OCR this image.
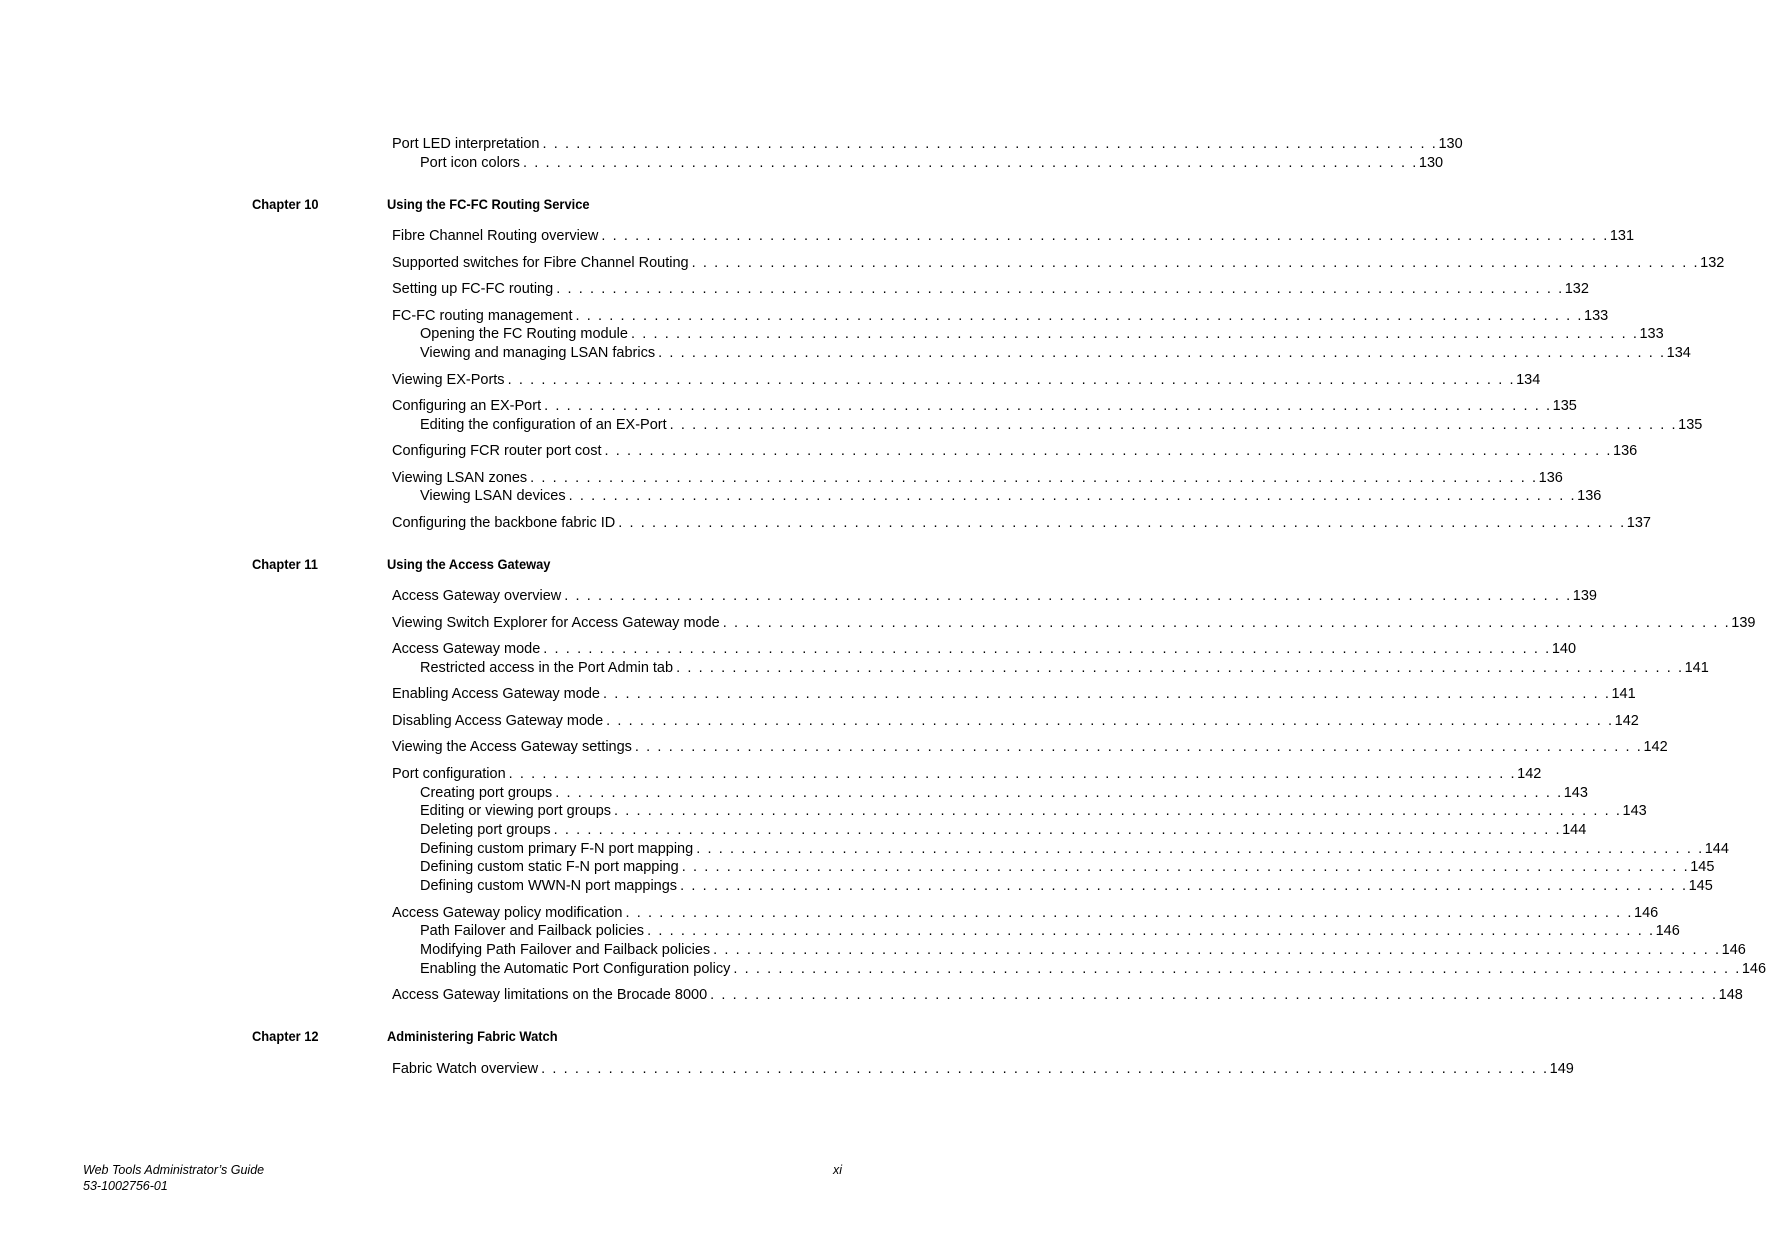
Port LED interpretation . . . . . . . . . . . . . . . . . . . . . . . . . . . . . . . . . . . . . . . . . . . . . . . . . . . . . . . . . . . . . . . . . . . . . . . . . . . . . . . . 130
Port icon colors . . . . . . . . . . . . . . . . . . . . . . . . . . . . . . . . . . . . . . . . . . . . . . . . . . . . . . . . . . . . . . . . . . . . . . . . . . . . . . . . 130
Chapter 10	Using the FC-FC Routing Service
Fibre Channel Routing overview . . . . . . . . . . . . . . . . . . . . . . . . . . . . . . . . . . . . . . . . . . . . . . . . . . . . . . . . . . . . . . . . . . . . . . . . . . . . . . . . . . . . . . . . . . 131
Supported switches for Fibre Channel Routing . . . . . . . . . . . . . . . . . . . . . . . . . . . . . . . . . . . . . . . . . . . . . . . . . . . . . . . . . . . . . . . . . . . . . . . . . . . . . . . . . . . . . . . . . . 132
Setting up FC-FC routing . . . . . . . . . . . . . . . . . . . . . . . . . . . . . . . . . . . . . . . . . . . . . . . . . . . . . . . . . . . . . . . . . . . . . . . . . . . . . . . . . . . . . . . . . . 132
FC-FC routing management . . . . . . . . . . . . . . . . . . . . . . . . . . . . . . . . . . . . . . . . . . . . . . . . . . . . . . . . . . . . . . . . . . . . . . . . . . . . . . . . . . . . . . . . . . 133
Opening the FC Routing module . . . . . . . . . . . . . . . . . . . . . . . . . . . . . . . . . . . . . . . . . . . . . . . . . . . . . . . . . . . . . . . . . . . . . . . . . . . . . . . . . . . . . . . . . . 133
Viewing and managing LSAN fabrics . . . . . . . . . . . . . . . . . . . . . . . . . . . . . . . . . . . . . . . . . . . . . . . . . . . . . . . . . . . . . . . . . . . . . . . . . . . . . . . . . . . . . . . . . . 134
Viewing EX-Ports . . . . . . . . . . . . . . . . . . . . . . . . . . . . . . . . . . . . . . . . . . . . . . . . . . . . . . . . . . . . . . . . . . . . . . . . . . . . . . . . . . . . . . . . . . 134
Configuring an EX-Port . . . . . . . . . . . . . . . . . . . . . . . . . . . . . . . . . . . . . . . . . . . . . . . . . . . . . . . . . . . . . . . . . . . . . . . . . . . . . . . . . . . . . . . . . . 135
Editing the configuration of an EX-Port . . . . . . . . . . . . . . . . . . . . . . . . . . . . . . . . . . . . . . . . . . . . . . . . . . . . . . . . . . . . . . . . . . . . . . . . . . . . . . . . . . . . . . . . . . 135
Configuring FCR router port cost . . . . . . . . . . . . . . . . . . . . . . . . . . . . . . . . . . . . . . . . . . . . . . . . . . . . . . . . . . . . . . . . . . . . . . . . . . . . . . . . . . . . . . . . . . 136
Viewing LSAN zones . . . . . . . . . . . . . . . . . . . . . . . . . . . . . . . . . . . . . . . . . . . . . . . . . . . . . . . . . . . . . . . . . . . . . . . . . . . . . . . . . . . . . . . . . . 136
Viewing LSAN devices . . . . . . . . . . . . . . . . . . . . . . . . . . . . . . . . . . . . . . . . . . . . . . . . . . . . . . . . . . . . . . . . . . . . . . . . . . . . . . . . . . . . . . . . . . 136
Configuring the backbone fabric ID . . . . . . . . . . . . . . . . . . . . . . . . . . . . . . . . . . . . . . . . . . . . . . . . . . . . . . . . . . . . . . . . . . . . . . . . . . . . . . . . . . . . . . . . . . 137
Chapter 11	Using the Access Gateway
Access Gateway overview . . . . . . . . . . . . . . . . . . . . . . . . . . . . . . . . . . . . . . . . . . . . . . . . . . . . . . . . . . . . . . . . . . . . . . . . . . . . . . . . . . . . . . . . . . 139
Viewing Switch Explorer for Access Gateway mode . . . . . . . . . . . . . . . . . . . . . . . . . . . . . . . . . . . . . . . . . . . . . . . . . . . . . . . . . . . . . . . . . . . . . . . . . . . . . . . . . . . . . . . . . . 139
Access Gateway mode . . . . . . . . . . . . . . . . . . . . . . . . . . . . . . . . . . . . . . . . . . . . . . . . . . . . . . . . . . . . . . . . . . . . . . . . . . . . . . . . . . . . . . . . . . 140
Restricted access in the Port Admin tab . . . . . . . . . . . . . . . . . . . . . . . . . . . . . . . . . . . . . . . . . . . . . . . . . . . . . . . . . . . . . . . . . . . . . . . . . . . . . . . . . . . . . . . . . . 141
Enabling Access Gateway mode . . . . . . . . . . . . . . . . . . . . . . . . . . . . . . . . . . . . . . . . . . . . . . . . . . . . . . . . . . . . . . . . . . . . . . . . . . . . . . . . . . . . . . . . . . 141
Disabling Access Gateway mode . . . . . . . . . . . . . . . . . . . . . . . . . . . . . . . . . . . . . . . . . . . . . . . . . . . . . . . . . . . . . . . . . . . . . . . . . . . . . . . . . . . . . . . . . . 142
Viewing the Access Gateway settings . . . . . . . . . . . . . . . . . . . . . . . . . . . . . . . . . . . . . . . . . . . . . . . . . . . . . . . . . . . . . . . . . . . . . . . . . . . . . . . . . . . . . . . . . . 142
Port configuration . . . . . . . . . . . . . . . . . . . . . . . . . . . . . . . . . . . . . . . . . . . . . . . . . . . . . . . . . . . . . . . . . . . . . . . . . . . . . . . . . . . . . . . . . . 142
Creating port groups . . . . . . . . . . . . . . . . . . . . . . . . . . . . . . . . . . . . . . . . . . . . . . . . . . . . . . . . . . . . . . . . . . . . . . . . . . . . . . . . . . . . . . . . . . 143
Editing or viewing port groups . . . . . . . . . . . . . . . . . . . . . . . . . . . . . . . . . . . . . . . . . . . . . . . . . . . . . . . . . . . . . . . . . . . . . . . . . . . . . . . . . . . . . . . . . . 143
Deleting port groups . . . . . . . . . . . . . . . . . . . . . . . . . . . . . . . . . . . . . . . . . . . . . . . . . . . . . . . . . . . . . . . . . . . . . . . . . . . . . . . . . . . . . . . . . . 144
Defining custom primary F-N port mapping . . . . . . . . . . . . . . . . . . . . . . . . . . . . . . . . . . . . . . . . . . . . . . . . . . . . . . . . . . . . . . . . . . . . . . . . . . . . . . . . . . . . . . . . . . 144
Defining custom static F-N port mapping . . . . . . . . . . . . . . . . . . . . . . . . . . . . . . . . . . . . . . . . . . . . . . . . . . . . . . . . . . . . . . . . . . . . . . . . . . . . . . . . . . . . . . . . . . 145
Defining custom WWN-N port mappings . . . . . . . . . . . . . . . . . . . . . . . . . . . . . . . . . . . . . . . . . . . . . . . . . . . . . . . . . . . . . . . . . . . . . . . . . . . . . . . . . . . . . . . . . . 145
Access Gateway policy modification . . . . . . . . . . . . . . . . . . . . . . . . . . . . . . . . . . . . . . . . . . . . . . . . . . . . . . . . . . . . . . . . . . . . . . . . . . . . . . . . . . . . . . . . . . 146
Path Failover and Failback policies . . . . . . . . . . . . . . . . . . . . . . . . . . . . . . . . . . . . . . . . . . . . . . . . . . . . . . . . . . . . . . . . . . . . . . . . . . . . . . . . . . . . . . . . . . 146
Modifying Path Failover and Failback policies . . . . . . . . . . . . . . . . . . . . . . . . . . . . . . . . . . . . . . . . . . . . . . . . . . . . . . . . . . . . . . . . . . . . . . . . . . . . . . . . . . . . . . . . . . 146
Enabling the Automatic Port Configuration policy . . . . . . . . . . . . . . . . . . . . . . . . . . . . . . . . . . . . . . . . . . . . . . . . . . . . . . . . . . . . . . . . . . . . . . . . . . . . . . . . . . . . . . . . . . 146
Access Gateway limitations on the Brocade 8000 . . . . . . . . . . . . . . . . . . . . . . . . . . . . . . . . . . . . . . . . . . . . . . . . . . . . . . . . . . . . . . . . . . . . . . . . . . . . . . . . . . . . . . . . . . 148
Chapter 12	Administering Fabric Watch
Fabric Watch overview . . . . . . . . . . . . . . . . . . . . . . . . . . . . . . . . . . . . . . . . . . . . . . . . . . . . . . . . . . . . . . . . . . . . . . . . . . . . . . . . . . . . . . . . . . 149
Web Tools Administrator’s Guide
53-1002756-01
xi
